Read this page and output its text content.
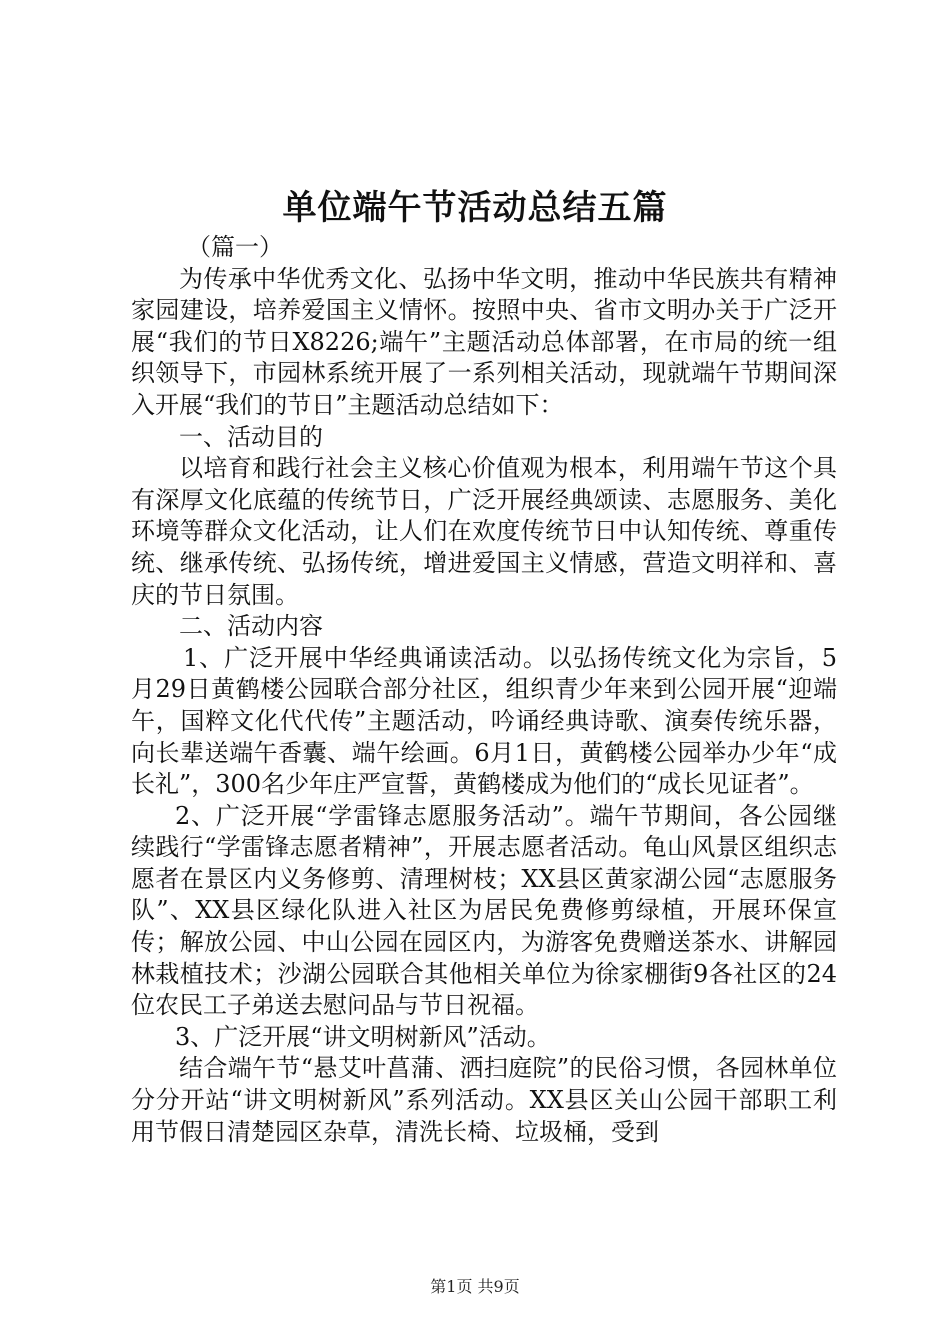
单位端午节活动总结五篇

（篇一）

为传承中华优秀文化、弘扬中华文明，推动中华民族共有精神家园建设，培养爱国主义情怀。按照中央、省市文明办关于广泛开展“我们的节日X8226;端午”主题活动总体部署，在市局的统一组织领导下，市园林系统开展了一系列相关活动，现就端午节期间深入开展“我们的节日”主题活动总结如下：

一、活动目的

以培育和践行社会主义核心价值观为根本，利用端午节这个具有深厚文化底蕴的传统节日，广泛开展经典颂读、志愿服务、美化环境等群众文化活动，让人们在欢度传统节日中认知传统、尊重传统、继承传统、弘扬传统，增进爱国主义情感，营造文明祥和、喜庆的节日氛围。

二、活动内容

1、广泛开展中华经典诵读活动。以弘扬传统文化为宗旨，5月29日黄鹤楼公园联合部分社区，组织青少年来到公园开展“迎端午，国粹文化代代传”主题活动，吟诵经典诗歌、演奏传统乐器，向长辈送端午香囊、端午绘画。6月1日，黄鹤楼公园举办少年“成长礼”，300名少年庄严宣誓，黄鹤楼成为他们的“成长见证者”。

2、广泛开展“学雷锋志愿服务活动”。端午节期间，各公园继续践行“学雷锋志愿者精神”，开展志愿者活动。龟山风景区组织志愿者在景区内义务修剪、清理树枝；XX县区黄家湖公园“志愿服务队”、XX县区绿化队进入社区为居民免费修剪绿植，开展环保宣传；解放公园、中山公园在园区内，为游客免费赠送茶水、讲解园林栽植技术；沙湖公园联合其他相关单位为徐家棚街9各社区的24位农民工子弟送去慰问品与节日祝福。

3、广泛开展“讲文明树新风”活动。

结合端午节“悬艾叶菖蒲、洒扫庭院”的民俗习惯，各园林单位分分开站“讲文明树新风”系列活动。XX县区关山公园干部职工利用节假日清楚园区杂草，清洗长椅、垃圾桶，受到

第1页 共9页
